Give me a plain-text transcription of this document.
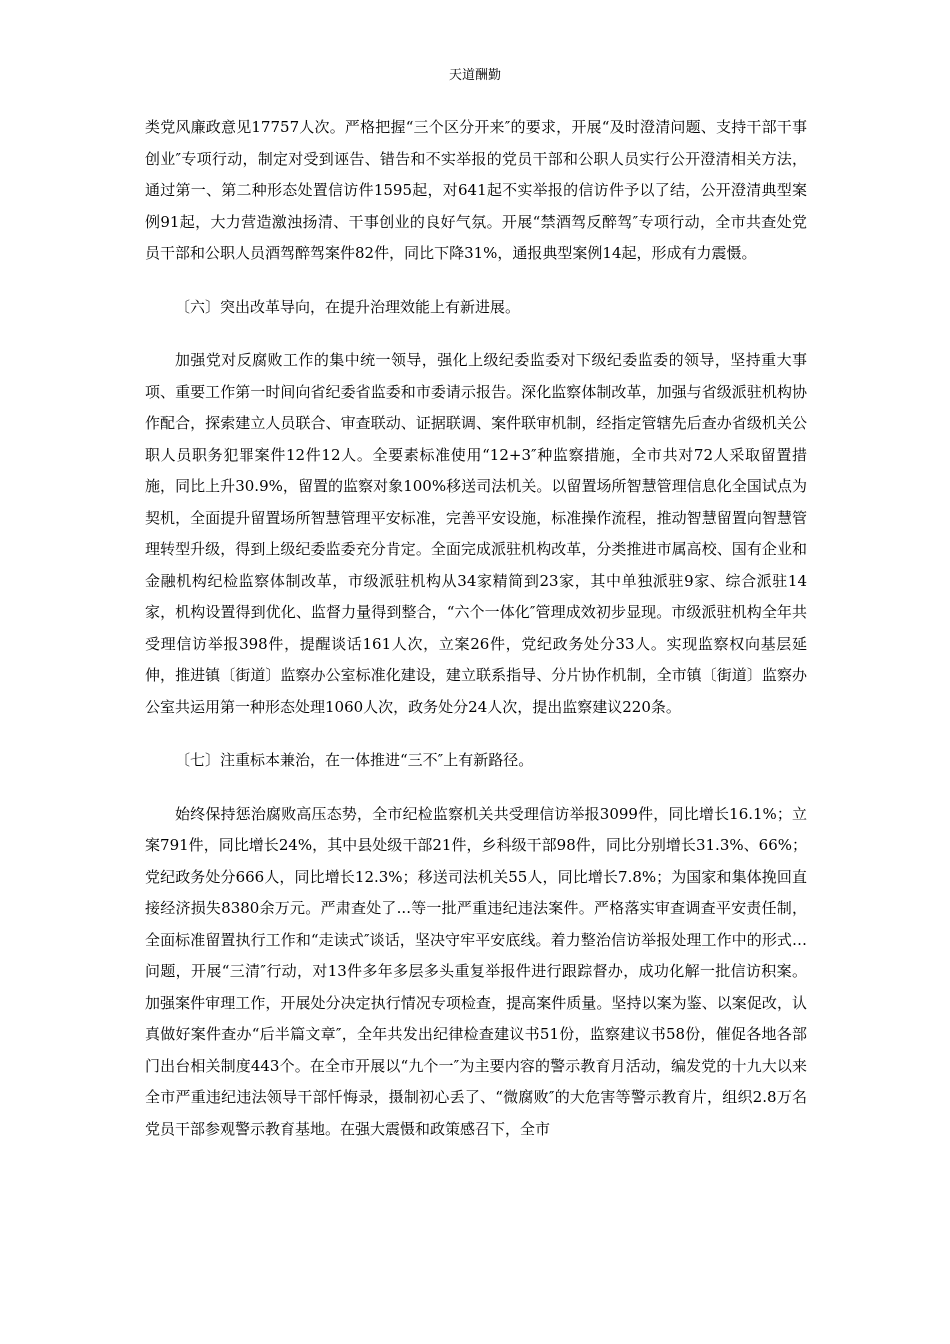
天道酬勤

类党风廉政意见17757人次。严格把握“三个区分开来″的要求，开展“及时澄清问题、支持干部干事创业″专项行动，制定对受到诬告、错告和不实举报的党员干部和公职人员实行公开澄清相关方法，通过第一、第二种形态处置信访件1595起，对641起不实举报的信访件予以了结，公开澄清典型案例91起，大力营造激浊扬清、干事创业的良好气氛。开展“禁酒驾反醉驾″专项行动，全市共查处党员干部和公职人员酒驾醉驾案件82件，同比下降31%，通报典型案例14起，形成有力震慑。

〔六〕突出改革导向，在提升治理效能上有新进展。

加强党对反腐败工作的集中统一领导，强化上级纪委监委对下级纪委监委的领导，坚持重大事项、重要工作第一时间向省纪委省监委和市委请示报告。深化监察体制改革，加强与省级派驻机构协作配合，探索建立人员联合、审查联动、证据联调、案件联审机制，经指定管辖先后查办省级机关公职人员职务犯罪案件12件12人。全要素标准使用“12+3″种监察措施，全市共对72人采取留置措施，同比上升30.9%，留置的监察对象100%移送司法机关。以留置场所智慧管理信息化全国试点为契机，全面提升留置场所智慧管理平安标准，完善平安设施，标准操作流程，推动智慧留置向智慧管理转型升级，得到上级纪委监委充分肯定。全面完成派驻机构改革，分类推进市属高校、国有企业和金融机构纪检监察体制改革，市级派驻机构从34家精简到23家，其中单独派驻9家、综合派驻14家，机构设置得到优化、监督力量得到整合，“六个一体化″管理成效初步显现。市级派驻机构全年共受理信访举报398件，提醒谈话161人次，立案26件，党纪政务处分33人。实现监察权向基层延伸，推进镇〔街道〕监察办公室标准化建设，建立联系指导、分片协作机制，全市镇〔街道〕监察办公室共运用第一种形态处理1060人次，政务处分24人次，提出监察建议220条。

〔七〕注重标本兼治，在一体推进“三不″上有新路径。

始终保持惩治腐败高压态势，全市纪检监察机关共受理信访举报3099件，同比增长16.1%；立案791件，同比增长24%，其中县处级干部21件，乡科级干部98件，同比分别增长31.3%、66%；党纪政务处分666人，同比增长12.3%；移送司法机关55人，同比增长7.8%；为国家和集体挽回直接经济损失8380余万元。严肃查处了...等一批严重违纪违法案件。严格落实审查调查平安责任制，全面标准留置执行工作和“走读式″谈话，坚决守牢平安底线。着力整治信访举报处理工作中的形式…问题，开展“三清″行动，对13件多年多层多头重复举报件进行跟踪督办，成功化解一批信访积案。加强案件审理工作，开展处分决定执行情况专项检查，提高案件质量。坚持以案为鉴、以案促改，认真做好案件查办“后半篇文章″，全年共发出纪律检查建议书51份，监察建议书58份，催促各地各部门出台相关制度443个。在全市开展以“九个一″为主要内容的警示教育月活动，编发党的十九大以来全市严重违纪违法领导干部忏悔录，摄制初心丢了、“微腐败″的大危害等警示教育片，组织2.8万名党员干部参观警示教育基地。在强大震慑和政策感召下，全市
